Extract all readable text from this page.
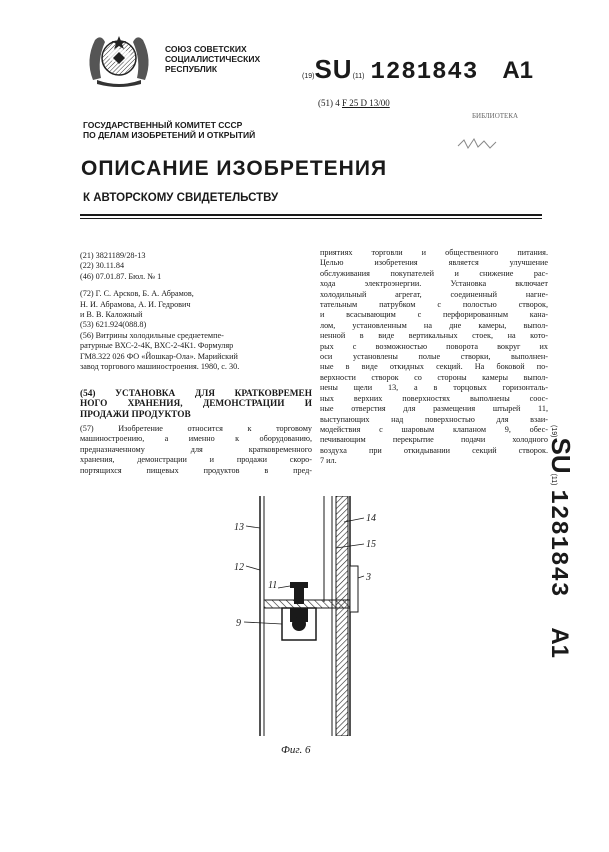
СОЮЗ СОВЕТСКИХ
СОЦИАЛИСТИЧЕСКИХ
РЕСПУБЛИК
(19) SU (11) 1281843 A1
(51) 4 F 25 D 13/00
БИБЛИОТЕКА
ГОСУДАРСТВЕННЫЙ КОМИТЕТ СССР
ПО ДЕЛАМ ИЗОБРЕТЕНИЙ И ОТКРЫТИЙ
ОПИСАНИЕ ИЗОБРЕТЕНИЯ
К АВТОРСКОМУ СВИДЕТЕЛЬСТВУ
(21) 3821189/28-13
(22) 30.11.84
(46) 07.01.87. Бюл. № 1
(72) Г. С. Арсков, Б. А. Абрамов,
Н. И. Абрамова, А. И. Гедрович
и В. В. Каложный
(53) 621.924(088.8)
(56) Витрины холодильные среднетемпе-
ратурные ВХС-2-4К, ВХС-2-4К1. Формуляр
ГМ8.322 026 ФО «Йошкар-Ола». Марийский
завод торгового машиностроения. 1980, с. 30.
(54) УСТАНОВКА ДЛЯ КРАТКОВРЕМЕН
НОГО ХРАНЕНИЯ, ДЕМОНСТРАЦИИ И
ПРОДАЖИ ПРОДУКТОВ
(57) Изобретение относится к торговому
машиностроению, а именно к оборудованию,
предназначенному для кратковременного
хранения, демонстрации и продажи скоро-
портящихся пищевых продуктов в пред-
приятиях торговли и общественного питания.
Целью изобретения является улучшение
обслуживания покупателей и снижение рас-
хода электроэнергии. Установка включает
холодильный агрегат, соединенный нагне-
тательным патрубком с полостью створок,
и всасывающим с перфорированным кана-
лом, установленным на дне камеры, выпол-
ненной в виде вертикальных стоек, на кото-
рых с возможностью поворота вокруг их
оси установлены полые створки, выполнен-
ные в виде откидных секций. На боковой по-
верхности створок со стороны камеры выпол-
нены щели 13, а в торцовых горизонталь-
ных верхних поверхностях выполнены соос-
ные отверстия для размещения штырей 11,
выступающих над поверхностью для взаи-
модействия с шаровым клапаном 9, обес-
печивающим перекрытие подачи холодного
воздуха при откидывании секций створок.
7 ил.
(19)
SU
(11)
1281843
A1
13
12
11
9
14
15
3
Фиг. 6
